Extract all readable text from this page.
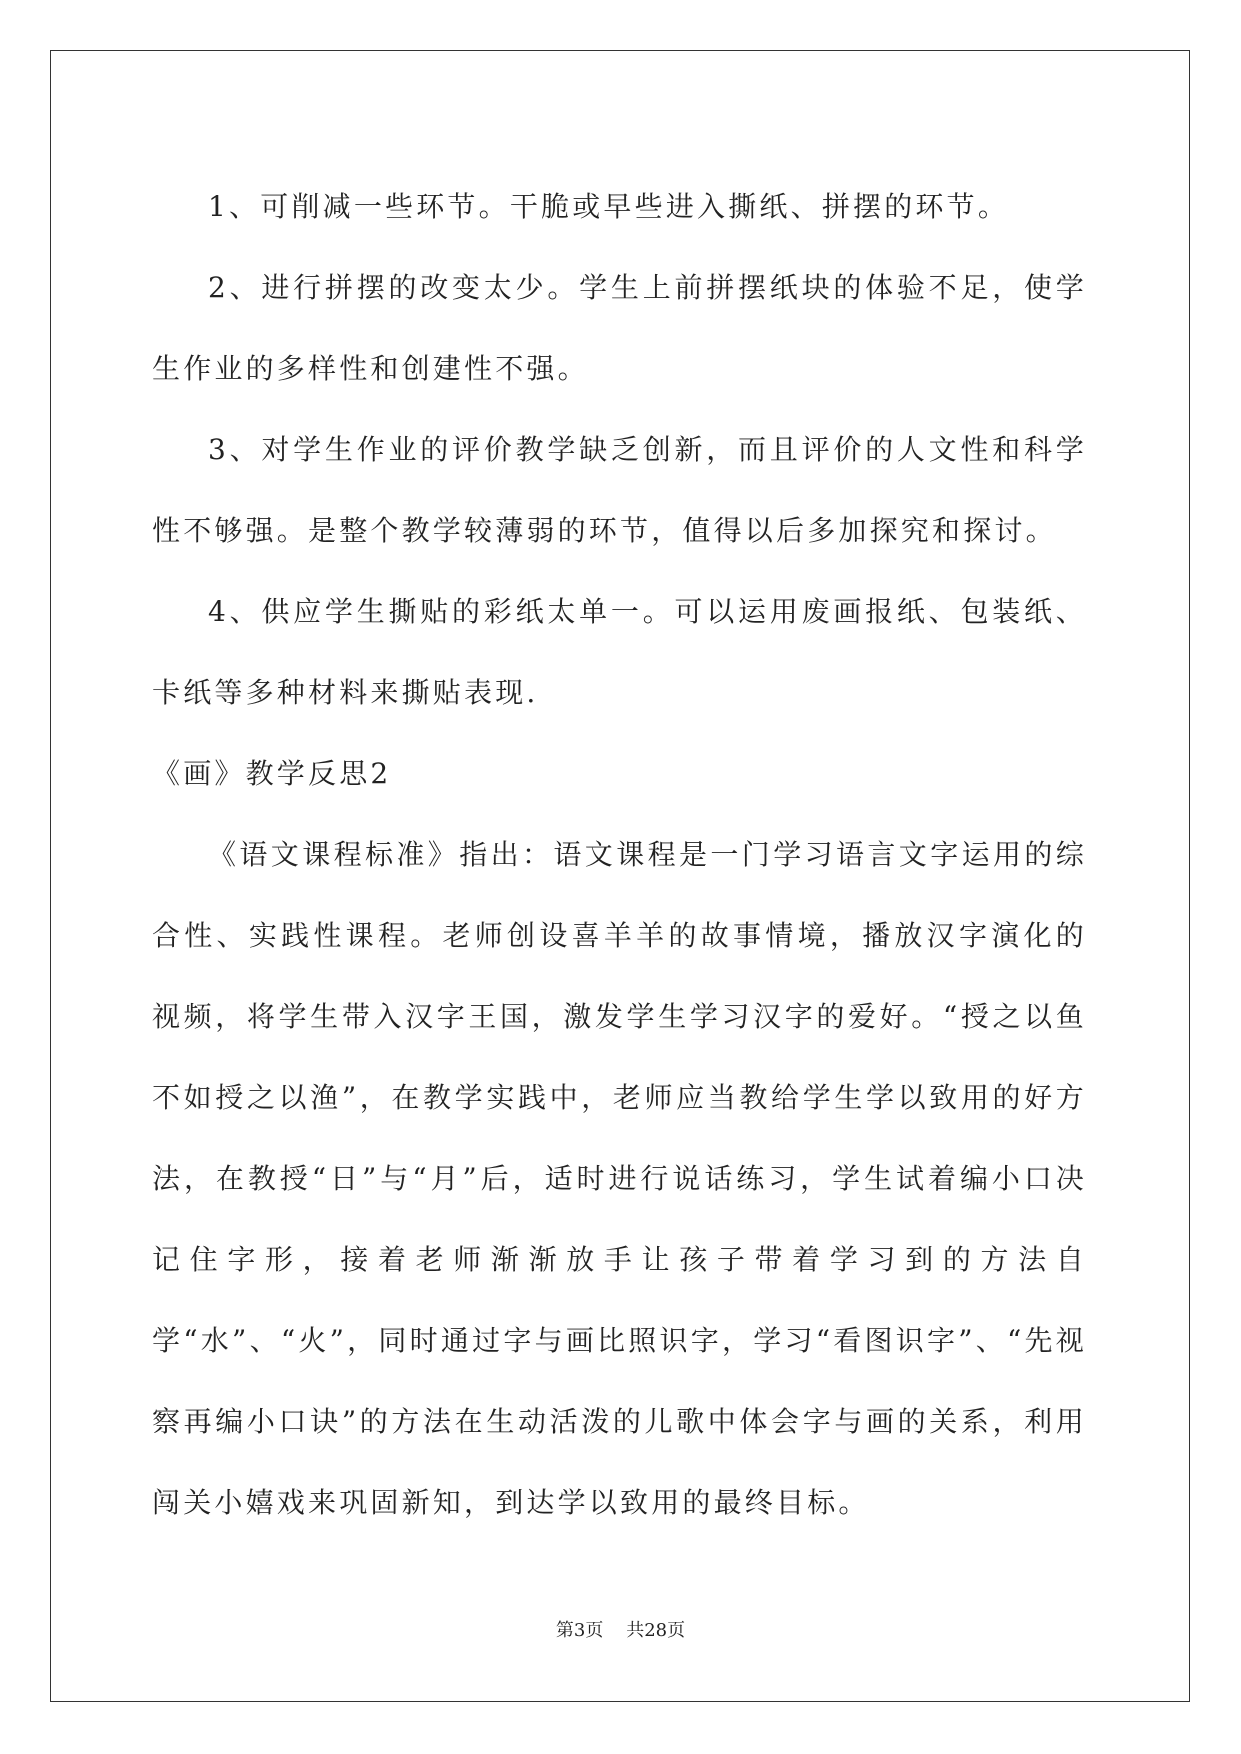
1、可削减一些环节。干脆或早些进入撕纸、拼摆的环节。

2、进行拼摆的改变太少。学生上前拼摆纸块的体验不足，使学生作业的多样性和创建性不强。

3、对学生作业的评价教学缺乏创新，而且评价的人文性和科学性不够强。是整个教学较薄弱的环节，值得以后多加探究和探讨。

4、供应学生撕贴的彩纸太单一。可以运用废画报纸、包装纸、卡纸等多种材料来撕贴表现.

《画》教学反思2

《语文课程标准》指出：语文课程是一门学习语言文字运用的综合性、实践性课程。老师创设喜羊羊的故事情境，播放汉字演化的视频，将学生带入汉字王国，激发学生学习汉字的爱好。“授之以鱼不如授之以渔”，在教学实践中，老师应当教给学生学以致用的好方法，在教授“日”与“月”后，适时进行说话练习，学生试着编小口决记住字形，接着老师渐渐放手让孩子带着学习到的方法自学“水”、“火”，同时通过字与画比照识字，学习“看图识字”、“先视察再编小口诀”的方法在生动活泼的儿歌中体会字与画的关系，利用闯关小嬉戏来巩固新知，到达学以致用的最终目标。

第3页 共28页
